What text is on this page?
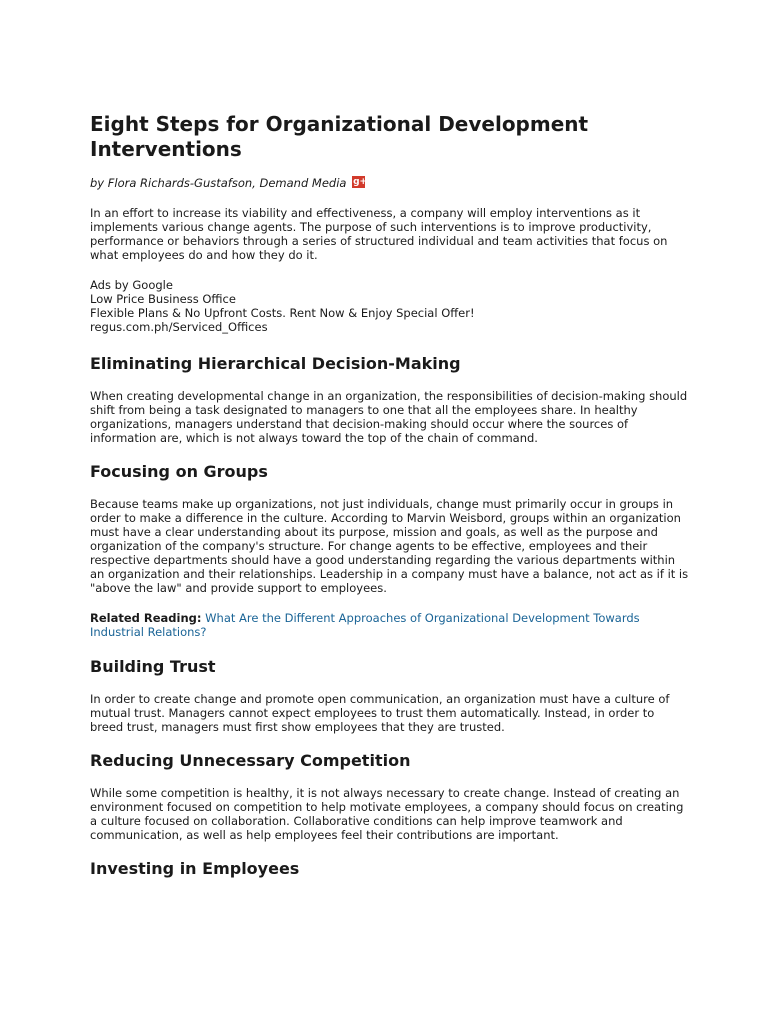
Eight Steps for Organizational Development Interventions
by Flora Richards-Gustafson, Demand Media g+

In an effort to increase its viability and effectiveness, a company will employ interventions as it implements various change agents. The purpose of such interventions is to improve productivity, performance or behaviors through a series of structured individual and team activities that focus on what employees do and how they do it.

Ads by Google
Low Price Business Office
Flexible Plans & No Upfront Costs. Rent Now & Enjoy Special Offer!
regus.com.ph/Serviced_Offices
Eliminating Hierarchical Decision-Making

When creating developmental change in an organization, the responsibilities of decision-making should shift from being a task designated to managers to one that all the employees share. In healthy organizations, managers understand that decision-making should occur where the sources of information are, which is not always toward the top of the chain of command.

Focusing on Groups

Because teams make up organizations, not just individuals, change must primarily occur in groups in order to make a difference in the culture. According to Marvin Weisbord, groups within an organization must have a clear understanding about its purpose, mission and goals, as well as the purpose and organization of the company's structure. For change agents to be effective, employees and their respective departments should have a good understanding regarding the various departments within an organization and their relationships. Leadership in a company must have a balance, not act as if it is "above the law" and provide support to employees.

Related Reading: What Are the Different Approaches of Organizational Development Towards Industrial Relations?
Building Trust

In order to create change and promote open communication, an organization must have a culture of mutual trust. Managers cannot expect employees to trust them automatically. Instead, in order to breed trust, managers must first show employees that they are trusted.

Reducing Unnecessary Competition

While some competition is healthy, it is not always necessary to create change. Instead of creating an environment focused on competition to help motivate employees, a company should focus on creating a culture focused on collaboration. Collaborative conditions can help improve teamwork and communication, as well as help employees feel their contributions are important.

Investing in Employees
